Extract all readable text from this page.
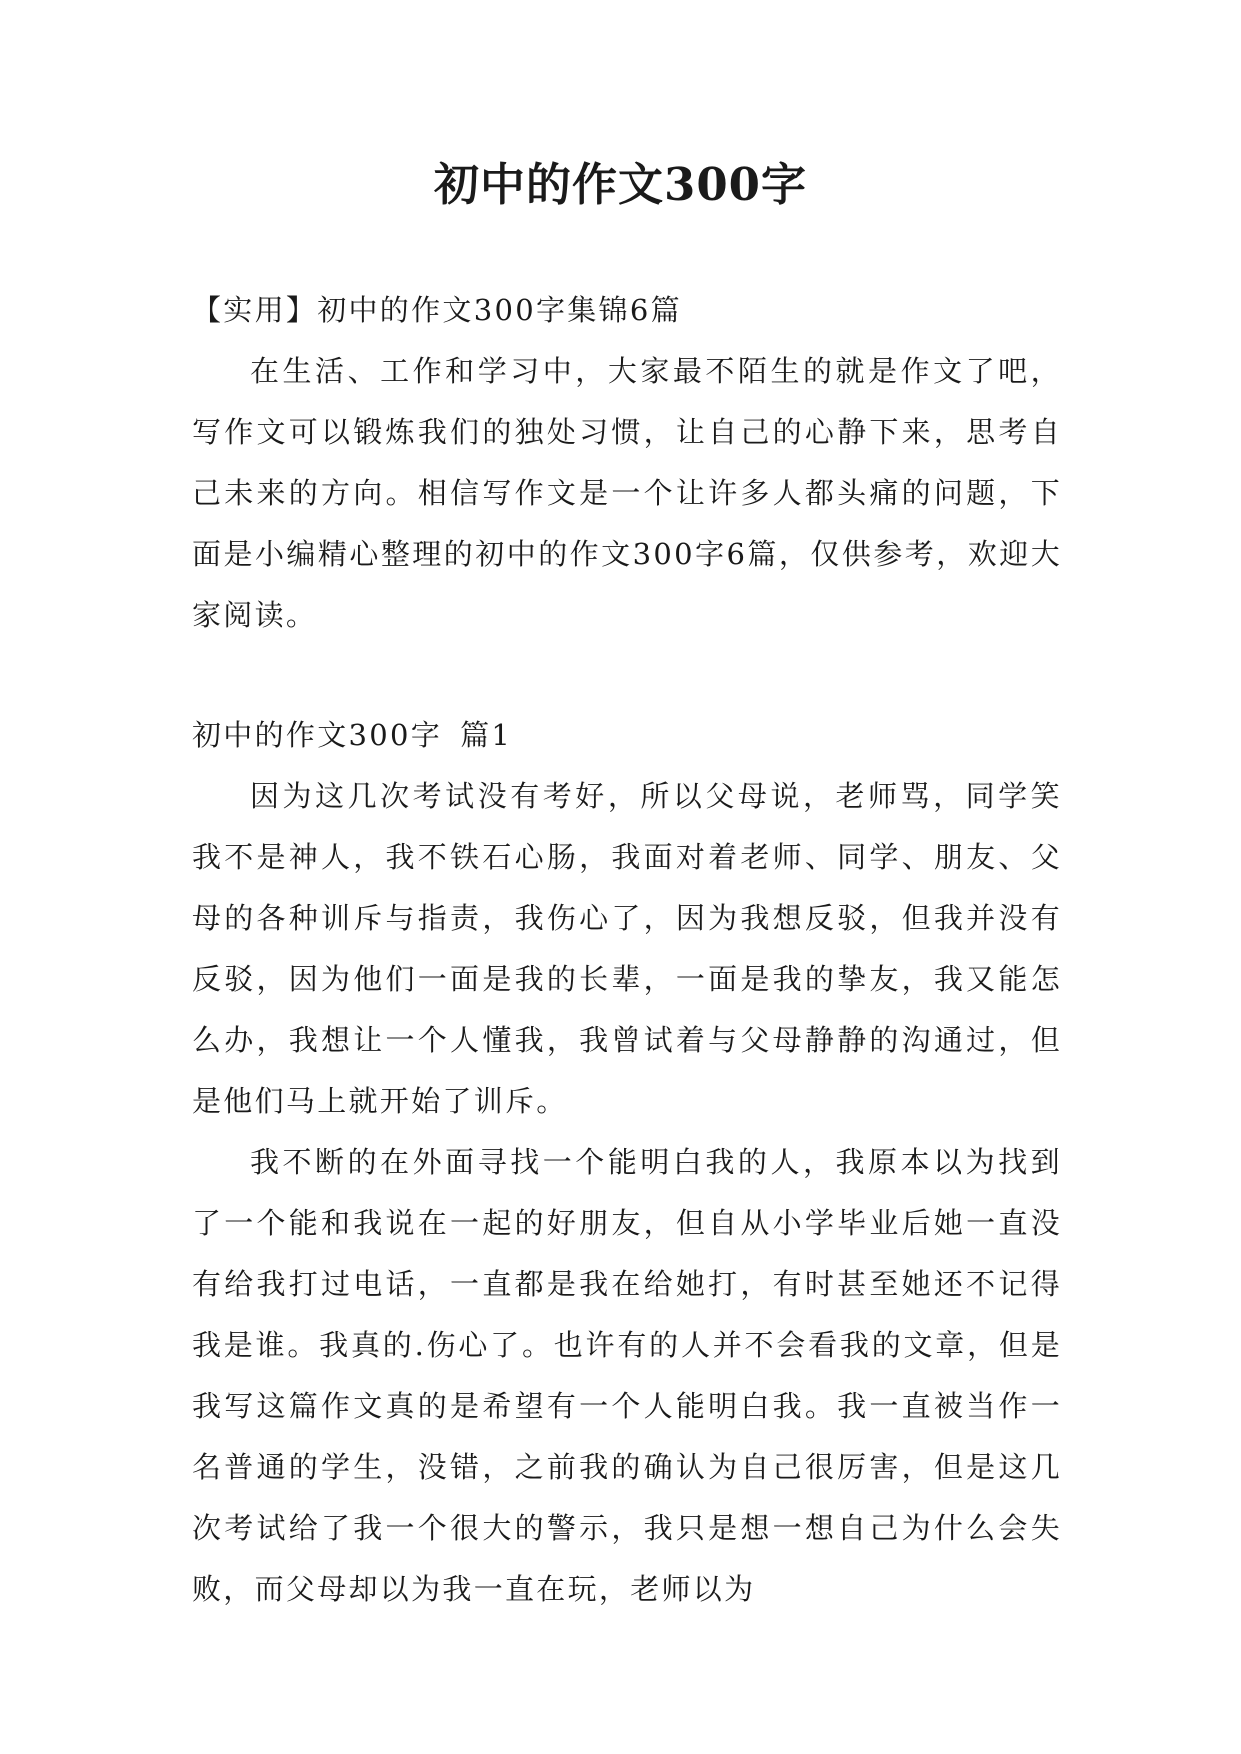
初中的作文300字

【实用】初中的作文300字集锦6篇

在生活、工作和学习中，大家最不陌生的就是作文了吧，写作文可以锻炼我们的独处习惯，让自己的心静下来，思考自己未来的方向。相信写作文是一个让许多人都头痛的问题，下面是小编精心整理的初中的作文300字6篇，仅供参考，欢迎大家阅读。

初中的作文300字 篇1

因为这几次考试没有考好，所以父母说，老师骂，同学笑我不是神人，我不铁石心肠，我面对着老师、同学、朋友、父母的各种训斥与指责，我伤心了，因为我想反驳，但我并没有反驳，因为他们一面是我的长辈，一面是我的挚友，我又能怎么办，我想让一个人懂我，我曾试着与父母静静的沟通过，但是他们马上就开始了训斥。

我不断的在外面寻找一个能明白我的人，我原本以为找到了一个能和我说在一起的好朋友，但自从小学毕业后她一直没有给我打过电话，一直都是我在给她打，有时甚至她还不记得我是谁。我真的.伤心了。也许有的人并不会看我的文章，但是我写这篇作文真的是希望有一个人能明白我。我一直被当作一名普通的学生，没错，之前我的确认为自己很厉害，但是这几次考试给了我一个很大的警示，我只是想一想自己为什么会失败，而父母却以为我一直在玩，老师以为
